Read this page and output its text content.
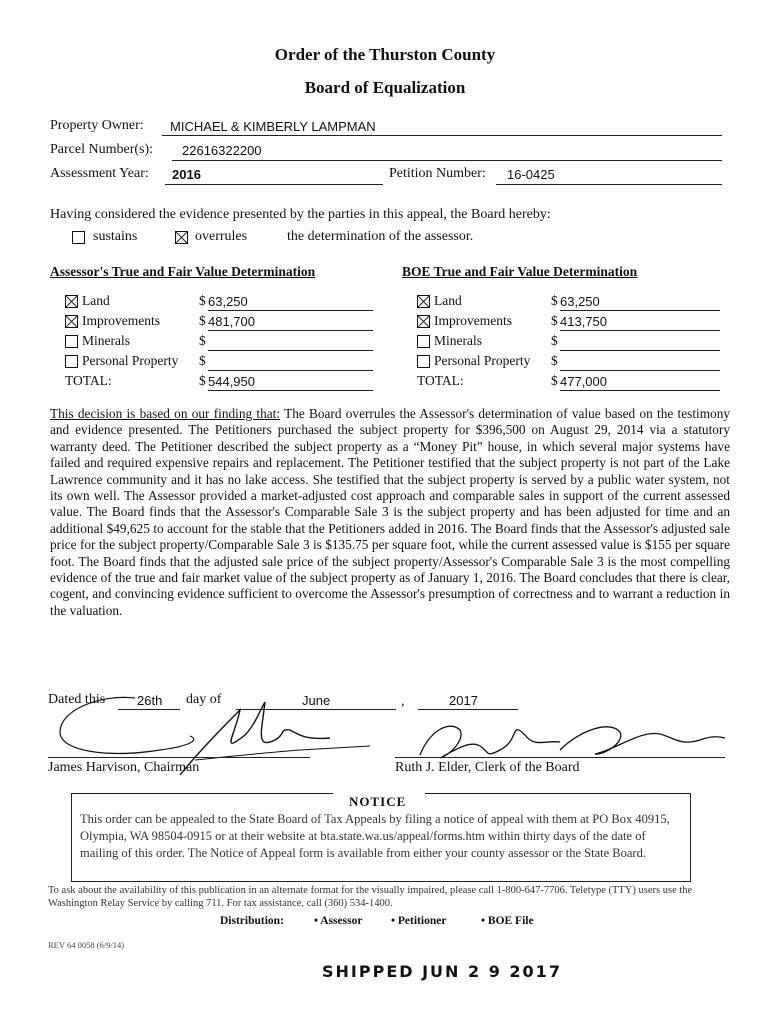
Order of the Thurston County
Board of Equalization
Property Owner: MICHAEL & KIMBERLY LAMPMAN
Parcel Number(s): 22616322200
Assessment Year: 2016	Petition Number: 16-0425
Having considered the evidence presented by the parties in this appeal, the Board hereby:
sustains	overrules	the determination of the assessor.
Assessor's True and Fair Value Determination
Land	$ 63,250
Improvements	$ 481,700
Minerals	$
Personal Property $
TOTAL:	$ 544,950
BOE True and Fair Value Determination
Land	$ 63,250
Improvements	$ 413,750
Minerals	$
Personal Property $
TOTAL:	$ 477,000
This decision is based on our finding that: The Board overrules the Assessor's determination of value based on the testimony and evidence presented. The Petitioners purchased the subject property for $396,500 on August 29, 2014 via a statutory warranty deed. The Petitioner described the subject property as a “Money Pit” house, in which several major systems have failed and required expensive repairs and replacement. The Petitioner testified that the subject property is not part of the Lake Lawrence community and it has no lake access. She testified that the subject property is served by a public water system, not its own well. The Assessor provided a market-adjusted cost approach and comparable sales in support of the current assessed value. The Board finds that the Assessor's Comparable Sale 3 is the subject property and has been adjusted for time and an additional $49,625 to account for the stable that the Petitioners added in 2016. The Board finds that the Assessor's adjusted sale price for the subject property/Comparable Sale 3 is $135.75 per square foot, while the current assessed value is $155 per square foot. The Board finds that the adjusted sale price of the subject property/Assessor's Comparable Sale 3 is the most compelling evidence of the true and fair market value of the subject property as of January 1, 2016. The Board concludes that there is clear, cogent, and convincing evidence sufficient to overcome the Assessor's presumption of correctness and to warrant a reduction in the valuation.
Dated this 26th day of	June	,	2017
James Harvison, Chairman	Ruth J. Elder, Clerk of the Board
NOTICE
This order can be appealed to the State Board of Tax Appeals by filing a notice of appeal with them at PO Box 40915, Olympia, WA 98504-0915 or at their website at bta.state.wa.us/appeal/forms.htm within thirty days of the date of mailing of this order. The Notice of Appeal form is available from either your county assessor or the State Board.
To ask about the availability of this publication in an alternate format for the visually impaired, please call 1-800-647-7706. Teletype (TTY) users use the Washington Relay Service by calling 711. For tax assistance, call (360) 534-1400.
Distribution:	• Assessor • Petitioner	• BOE File
REV 64 0058 (6/9/14)
SHIPPED JUN 2 9 2017
